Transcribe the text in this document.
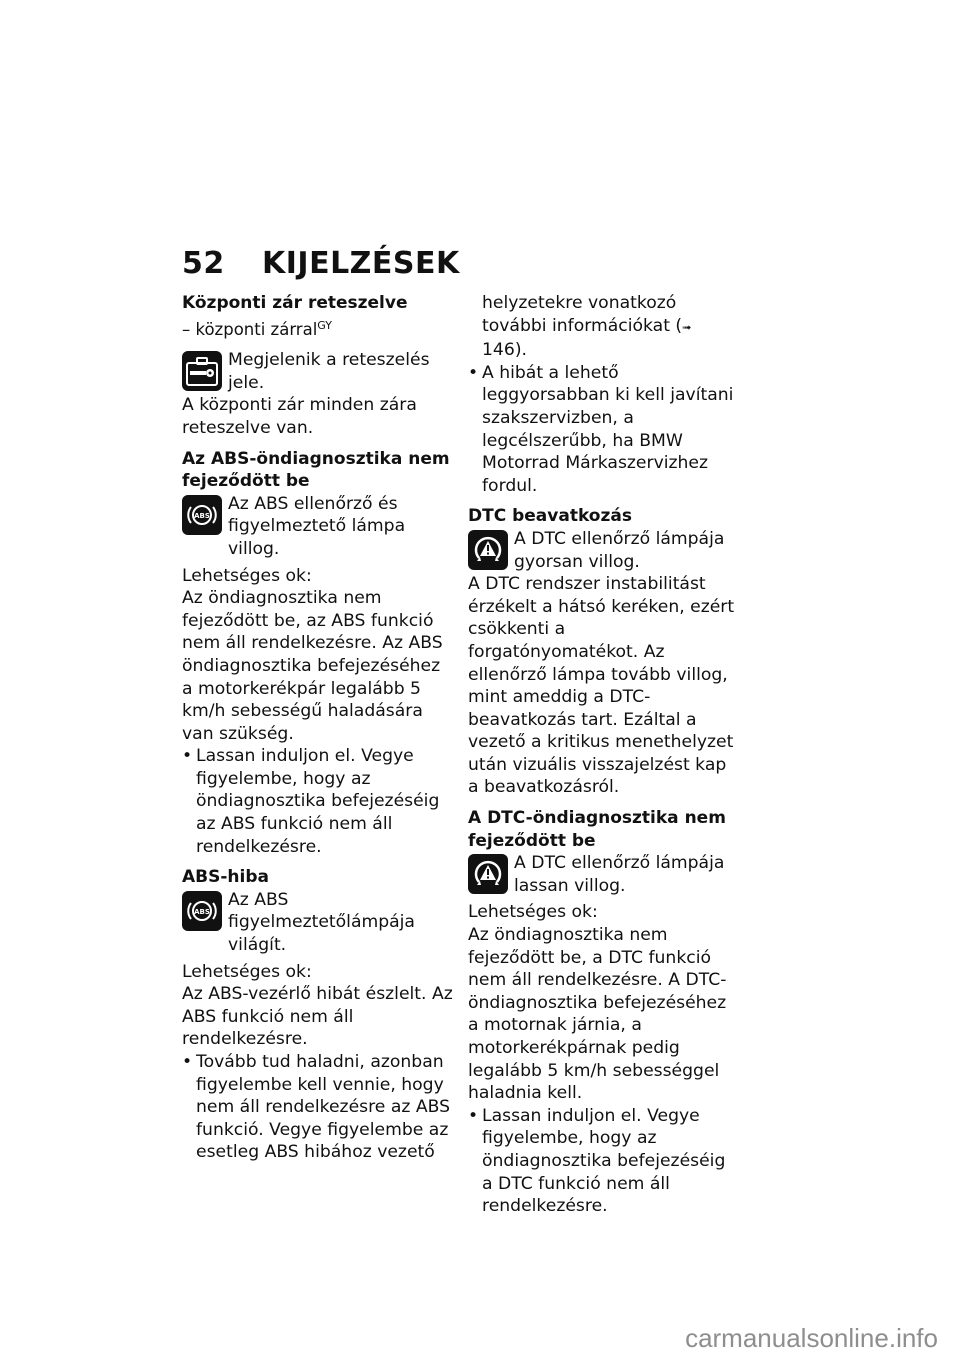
52 KIJELZÉSEK
Központi zár reteszelve
– központi zárral$^{GY}$
Megjelenik a reteszelés jele.
A központi zár minden zára reteszelve van.
Az ABS-öndiagnosztika nem fejeződött be
ABS
Az ABS ellenőrző és figyelmeztető lámpa villog.
Lehetséges ok:
Az öndiagnosztika nem fejeződött be, az ABS funkció nem áll rendelkezésre. Az ABS öndiagnosztika befejezéséhez a motorkerékpár legalább 5 km/h sebességű haladására van szükség.
• Lassan induljon el. Vegye figyelembe, hogy az öndiagnosztika befejezéséig az ABS funkció nem áll rendelkezésre.
ABS-hiba
ABS
Az ABS figyelmeztetőlámpája világít.
Lehetséges ok:
Az ABS-vezérlő hibát észlelt. Az ABS funkció nem áll rendelkezésre.
• Tovább tud haladni, azonban figyelembe kell vennie, hogy nem áll rendelkezésre az ABS funkció. Vegye figyelembe az esetleg ABS hibához vezető
helyzetekre vonatkozó további információkat (➟ 146).
• A hibát a lehető leggyorsabban ki kell javítani szakszervizben, a legcélszerűbb, ha BMW Motorrad Márkaszervizhez fordul.
DTC beavatkozás
A DTC ellenőrző lámpája gyorsan villog.
A DTC rendszer instabilitást érzékelt a hátsó keréken, ezért csökkenti a forgatónyomatékot. Az ellenőrző lámpa tovább villog, mint ameddig a DTC-beavatkozás tart. Ezáltal a vezető a kritikus menethelyzet után vizuális visszajelzést kap a beavatkozásról.
A DTC-öndiagnosztika nem fejeződött be
A DTC ellenőrző lámpája lassan villog.
Lehetséges ok:
Az öndiagnosztika nem fejeződött be, a DTC funkció nem áll rendelkezésre. A DTC-öndiagnosztika befejezéséhez a motornak járnia, a motorkerékpárnak pedig legalább 5 km/h sebességgel haladnia kell.
• Lassan induljon el. Vegye figyelembe, hogy az öndiagnosztika befejezéséig a DTC funkció nem áll rendelkezésre.
carmanualsonline.info
